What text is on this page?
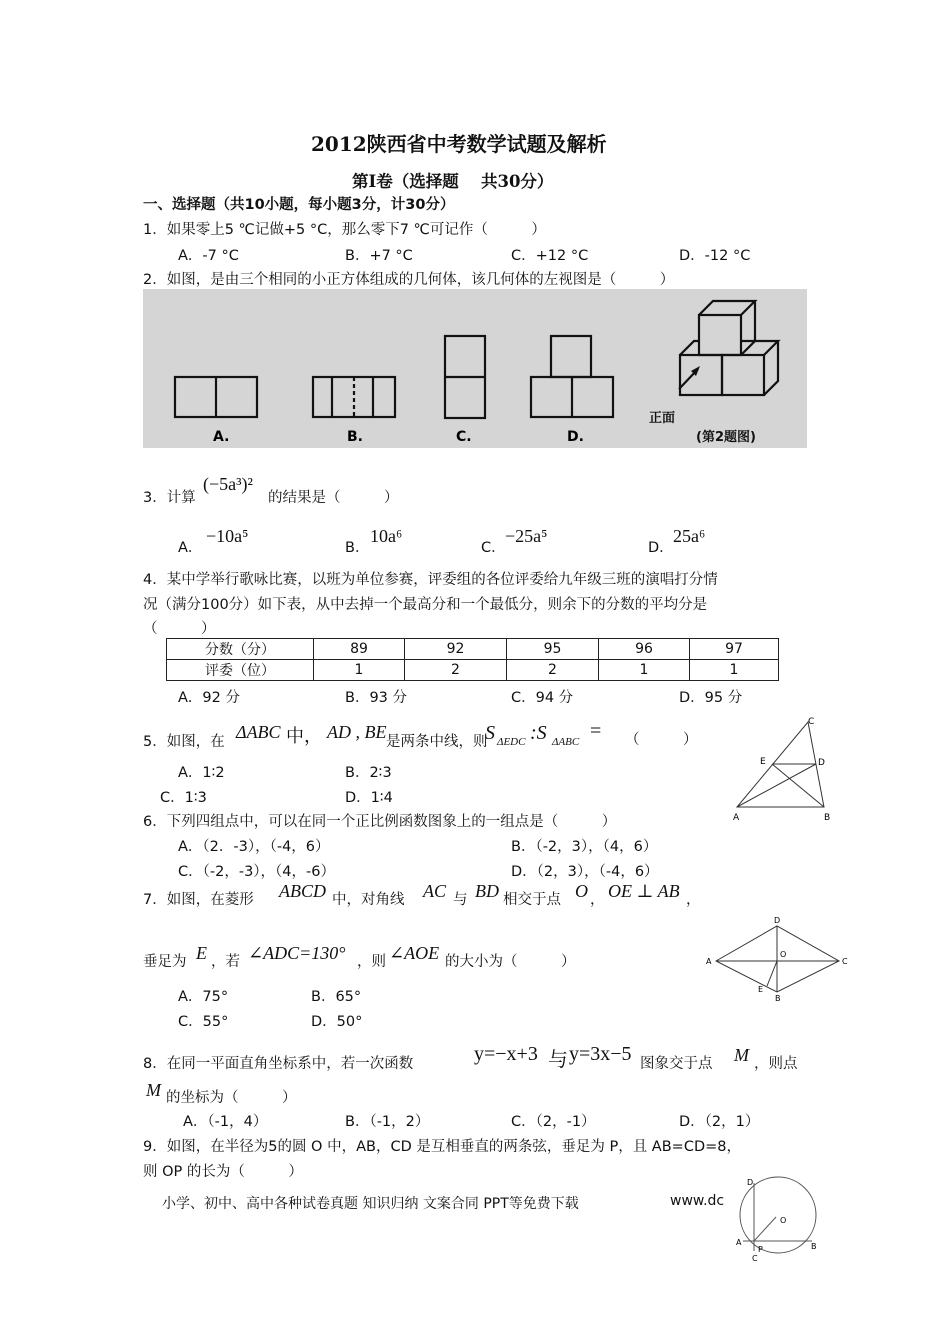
2012陕西省中考数学试题及解析
第Ⅰ卷（选择题　 共30分）
一、选择题（共10小题，每小题3分，计30分）
1．如果零上5 ℃记做+5 °C，那么零下7 ℃可记作（　　　）
A．-7 °C	B．+7 °C	C．+12 °C	D．-12 °C
2．如图，是由三个相同的小正方体组成的几何体，该几何体的左视图是（　　　）
A.	B.	C.	D.
正面
(第2题图)
3．计算
(−5a³)²
的结果是（　　　）
A．
−10a⁵
B．
10a⁶
C．
−25a⁵
D．
25a⁶
4．某中学举行歌咏比赛，以班为单位参赛，评委组的各位评委给九年级三班的演唱打分情
况（满分100分）如下表，从中去掉一个最高分和一个最低分，则余下的分数的平均分是
（　　　）
分数（分）	89	92	95	96	97
评委（位）	1	2	2	1	1
A．92 分	B．93 分	C．94 分	D．95 分
5．如图，在 ΔABC 中， AD , BE 是两条中线，则
S ΔEDC :S ΔABC = （　　　）
A．1∶2	B．2∶3
C．1∶3	D．1∶4
C
E	D
A	B
6．下列四组点中，可以在同一个正比例函数图象上的一组点是（　　　）
A．（2．-3），（-4，6）	B．（-2，3），（4，6）
C．（-2，-3），（4，-6）	D．（2，3），（-4，6）
7．如图，在菱形 ABCD 中，对角线 AC 与 BD 相交于点 O ， OE ⊥ AB ，
垂足为 E ，若 ∠ADC=130° ，则 ∠AOE 的大小为（　　　）
A．75°	B．65°
C．55°	D．50°
D
A
O
C
E
B
8．在同一平面直角坐标系中，若一次函数	y=−x+3 与 y=3x−5 图象交于点 M ，则点
M 的坐标为（　　　）
A．（-1，4）	B．（-1，2）	C．（2，-1）	D．（2，1）
9．如图，在半径为5的圆 O 中，AB，CD 是互相垂直的两条弦，垂足为 P，且 AB=CD=8，
则 OP 的长为（　　　）
D
O
A
P	B
C
小学、初中、高中各种试卷真题 知识归纳 文案合同 PPT等免费下载	www.dc
